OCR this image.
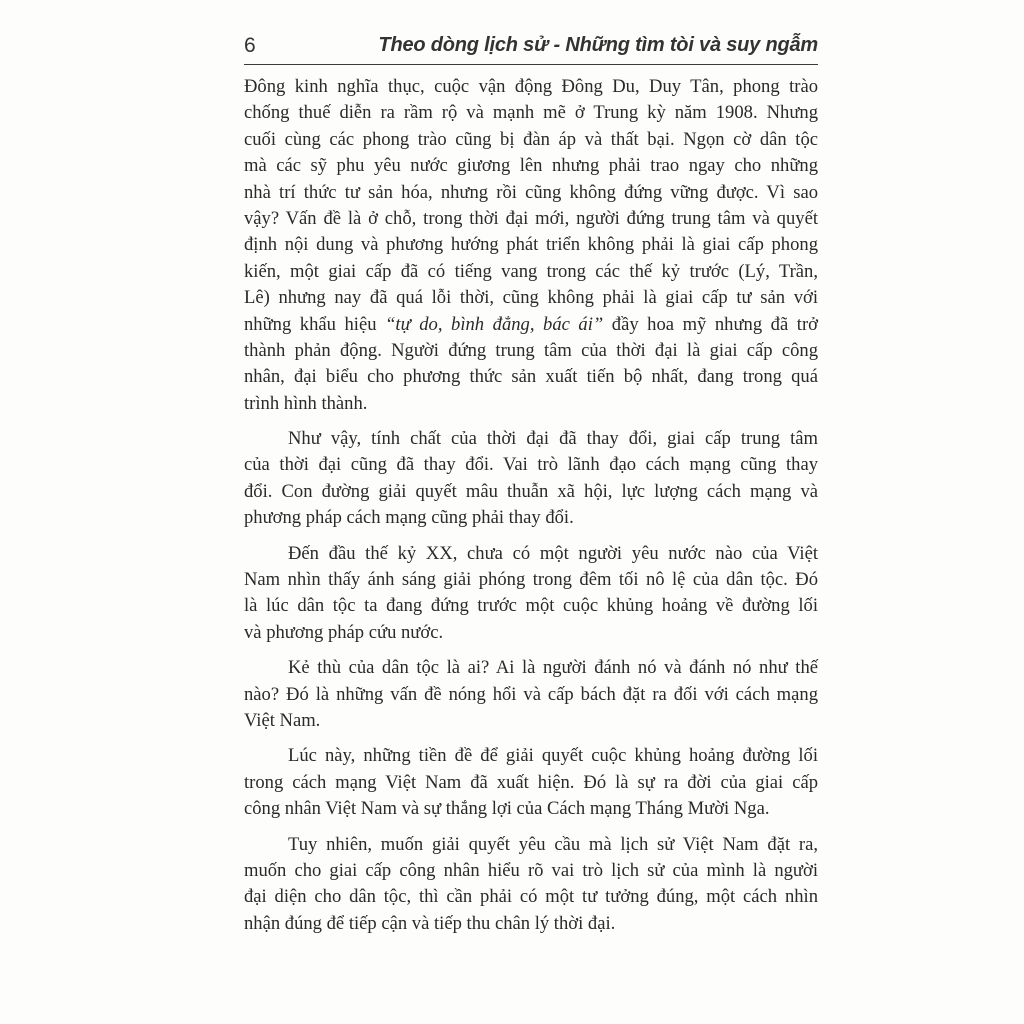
6	Theo dòng lịch sử - Những tìm tòi và suy ngẫm
Đông kinh nghĩa thục, cuộc vận động Đông Du, Duy Tân, phong trào
chống thuế diễn ra rầm rộ và mạnh mẽ ở Trung kỳ năm 1908. Nhưng
cuối cùng các phong trào cũng bị đàn áp và thất bại. Ngọn cờ dân tộc
mà các sỹ phu yêu nước giương lên nhưng phải trao ngay cho những
nhà trí thức tư sản hóa, nhưng rồi cũng không đứng vững được. Vì sao
vậy? Vấn đề là ở chỗ, trong thời đại mới, người đứng trung tâm và quyết
định nội dung và phương hướng phát triển không phải là giai cấp phong
kiến, một giai cấp đã có tiếng vang trong các thế kỷ trước (Lý, Trần,
Lê) nhưng nay đã quá lỗi thời, cũng không phải là giai cấp tư sản với
những khẩu hiệu “tự do, bình đẳng, bác ái” đầy hoa mỹ nhưng đã trở
thành phản động. Người đứng trung tâm của thời đại là giai cấp công
nhân, đại biểu cho phương thức sản xuất tiến bộ nhất, đang trong quá
trình hình thành.
Như vậy, tính chất của thời đại đã thay đổi, giai cấp trung tâm
của thời đại cũng đã thay đổi. Vai trò lãnh đạo cách mạng cũng thay
đổi. Con đường giải quyết mâu thuẫn xã hội, lực lượng cách mạng và
phương pháp cách mạng cũng phải thay đổi.
Đến đầu thế kỷ XX, chưa có một người yêu nước nào của Việt
Nam nhìn thấy ánh sáng giải phóng trong đêm tối nô lệ của dân tộc. Đó
là lúc dân tộc ta đang đứng trước một cuộc khủng hoảng về đường lối
và phương pháp cứu nước.
Kẻ thù của dân tộc là ai? Ai là người đánh nó và đánh nó như thế
nào? Đó là những vấn đề nóng hổi và cấp bách đặt ra đối với cách mạng
Việt Nam.
Lúc này, những tiền đề để giải quyết cuộc khủng hoảng đường lối
trong cách mạng Việt Nam đã xuất hiện. Đó là sự ra đời của giai cấp
công nhân Việt Nam và sự thắng lợi của Cách mạng Tháng Mười Nga.
Tuy nhiên, muốn giải quyết yêu cầu mà lịch sử Việt Nam đặt ra,
muốn cho giai cấp công nhân hiểu rõ vai trò lịch sử của mình là người
đại diện cho dân tộc, thì cần phải có một tư tưởng đúng, một cách nhìn
nhận đúng để tiếp cận và tiếp thu chân lý thời đại.
